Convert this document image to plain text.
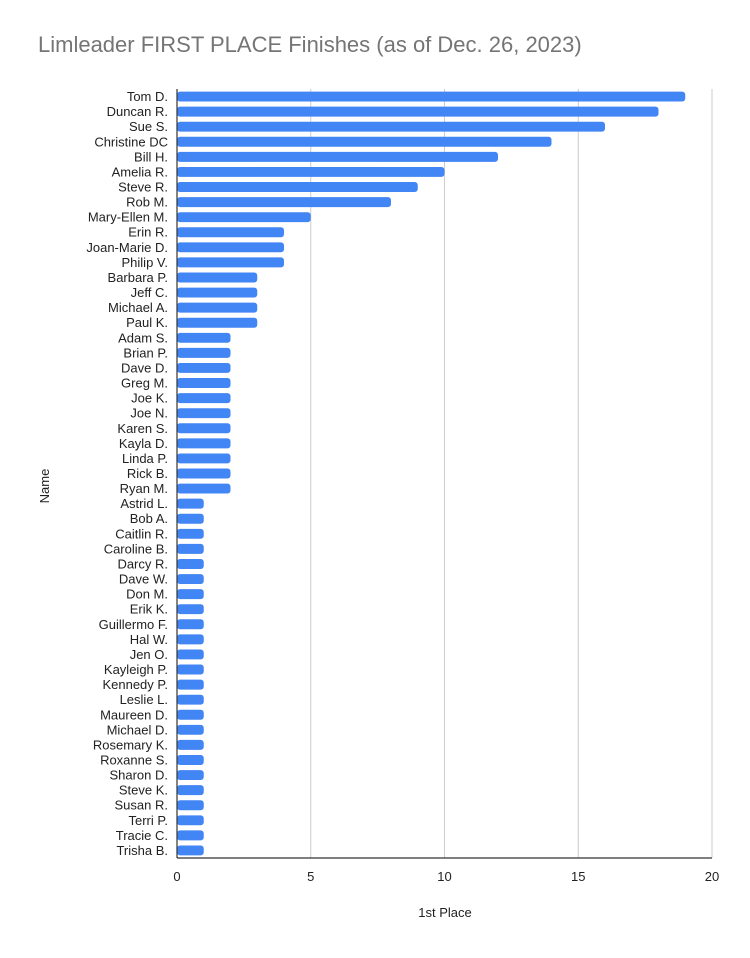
Limleader FIRST PLACE Finishes (as of Dec. 26, 2023)
Tom D.
Duncan R.
Sue S.
Christine DC
Bill H.
Amelia R.
Steve R.
Rob M.
Mary-Ellen M.
Erin R.
Joan-Marie D.
Philip V.
Barbara P.
Jeff C.
Michael A.
Paul K.
Adam S.
Brian P.
Dave D.
Greg M.
Joe K.
Joe N.
Karen S.
Kayla D.
Linda P.
Rick B.
Ryan M.
Astrid L.
Bob A.
Caitlin R.
Caroline B.
Darcy R.
Dave W.
Don M.
Erik K.
Guillermo F.
Hal W.
Jen O.
Kayleigh P.
Kennedy P.
Leslie L.
Maureen D.
Michael D.
Rosemary K.
Roxanne S.
Sharon D.
Steve K.
Susan R.
Terri P.
Tracie C.
Trisha B.
0	5	10	15	20
1st Place
Name
